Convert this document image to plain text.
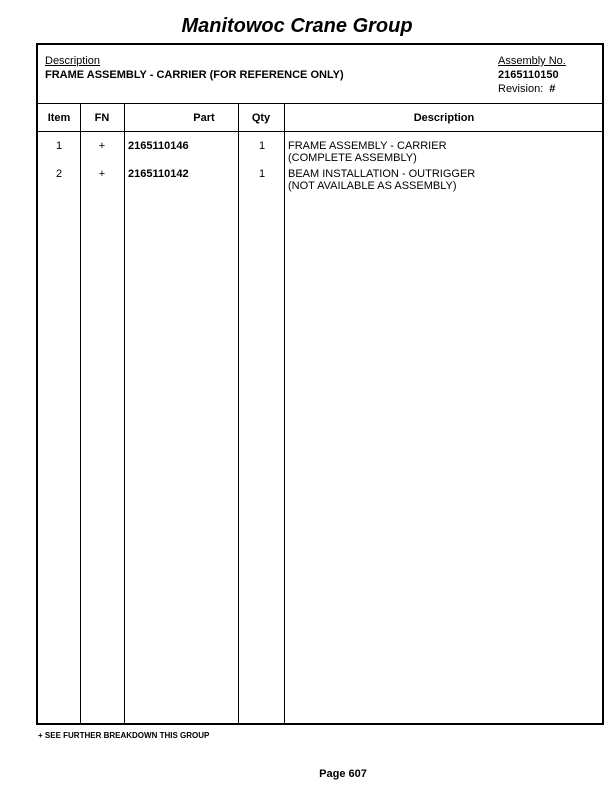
Manitowoc Crane Group
Description
FRAME ASSEMBLY - CARRIER (FOR REFERENCE ONLY)
Assembly No.
2165110150
Revision: #
Item	FN	Part	Qty	Description
1	+	2165110146	1	FRAME ASSEMBLY - CARRIER
(COMPLETE ASSEMBLY)
2	+	2165110142	1	BEAM INSTALLATION - OUTRIGGER
(NOT AVAILABLE AS ASSEMBLY)
+ SEE FURTHER BREAKDOWN THIS GROUP
Page 607
